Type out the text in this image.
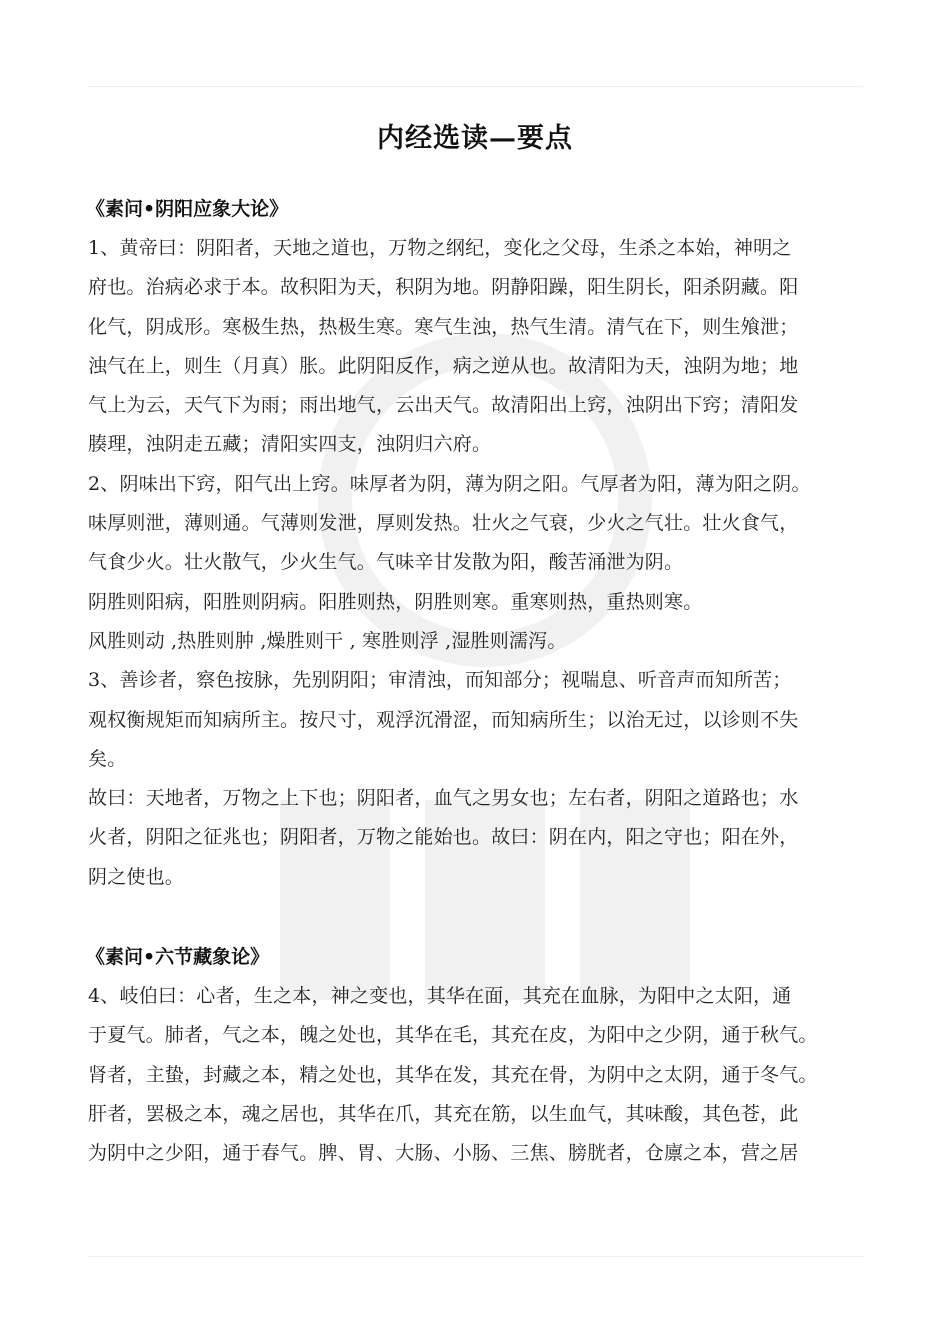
内经选读—要点
《素问•阴阳应象大论》
1、黄帝曰：阴阳者，天地之道也，万物之纲纪，变化之父母，生杀之本始，神明之
府也。治病必求于本。故积阳为天，积阴为地。阴静阳躁，阳生阴长，阳杀阴藏。阳
化气，阴成形。寒极生热，热极生寒。寒气生浊，热气生清。清气在下，则生飧泄；
浊气在上，则生（月真）胀。此阴阳反作，病之逆从也。故清阳为天，浊阴为地；地
气上为云，天气下为雨；雨出地气，云出天气。故清阳出上窍，浊阴出下窍；清阳发
腠理，浊阴走五藏；清阳实四支，浊阴归六府。
2、阴味出下窍，阳气出上窍。味厚者为阴，薄为阴之阳。气厚者为阳，薄为阳之阴。
味厚则泄，薄则通。气薄则发泄，厚则发热。壮火之气衰，少火之气壮。壮火食气，
气食少火。壮火散气，少火生气。气味辛甘发散为阳，酸苦涌泄为阴。
阴胜则阳病，阳胜则阴病。阳胜则热，阴胜则寒。重寒则热，重热则寒。
风胜则动 ,热胜则肿 ,燥胜则干 , 寒胜则浮 ,湿胜则濡泻。
3、善诊者，察色按脉，先别阴阳；审清浊，而知部分；视喘息、听音声而知所苦；
观权衡规矩而知病所主。按尺寸，观浮沉滑涩，而知病所生；以治无过，以诊则不失
矣。
故曰：天地者，万物之上下也；阴阳者，血气之男女也；左右者，阴阳之道路也；水
火者，阴阳之征兆也；阴阳者，万物之能始也。故曰：阴在内，阳之守也；阳在外，
阴之使也。
《素问•六节藏象论》
4、岐伯曰：心者，生之本，神之变也，其华在面，其充在血脉，为阳中之太阳，通
于夏气。肺者，气之本，魄之处也，其华在毛，其充在皮，为阳中之少阴，通于秋气。
肾者，主蛰，封藏之本，精之处也，其华在发，其充在骨，为阴中之太阴，通于冬气。
肝者，罢极之本，魂之居也，其华在爪，其充在筋，以生血气，其味酸，其色苍，此
为阴中之少阳，通于春气。脾、胃、大肠、小肠、三焦、膀胱者，仓廪之本，营之居
